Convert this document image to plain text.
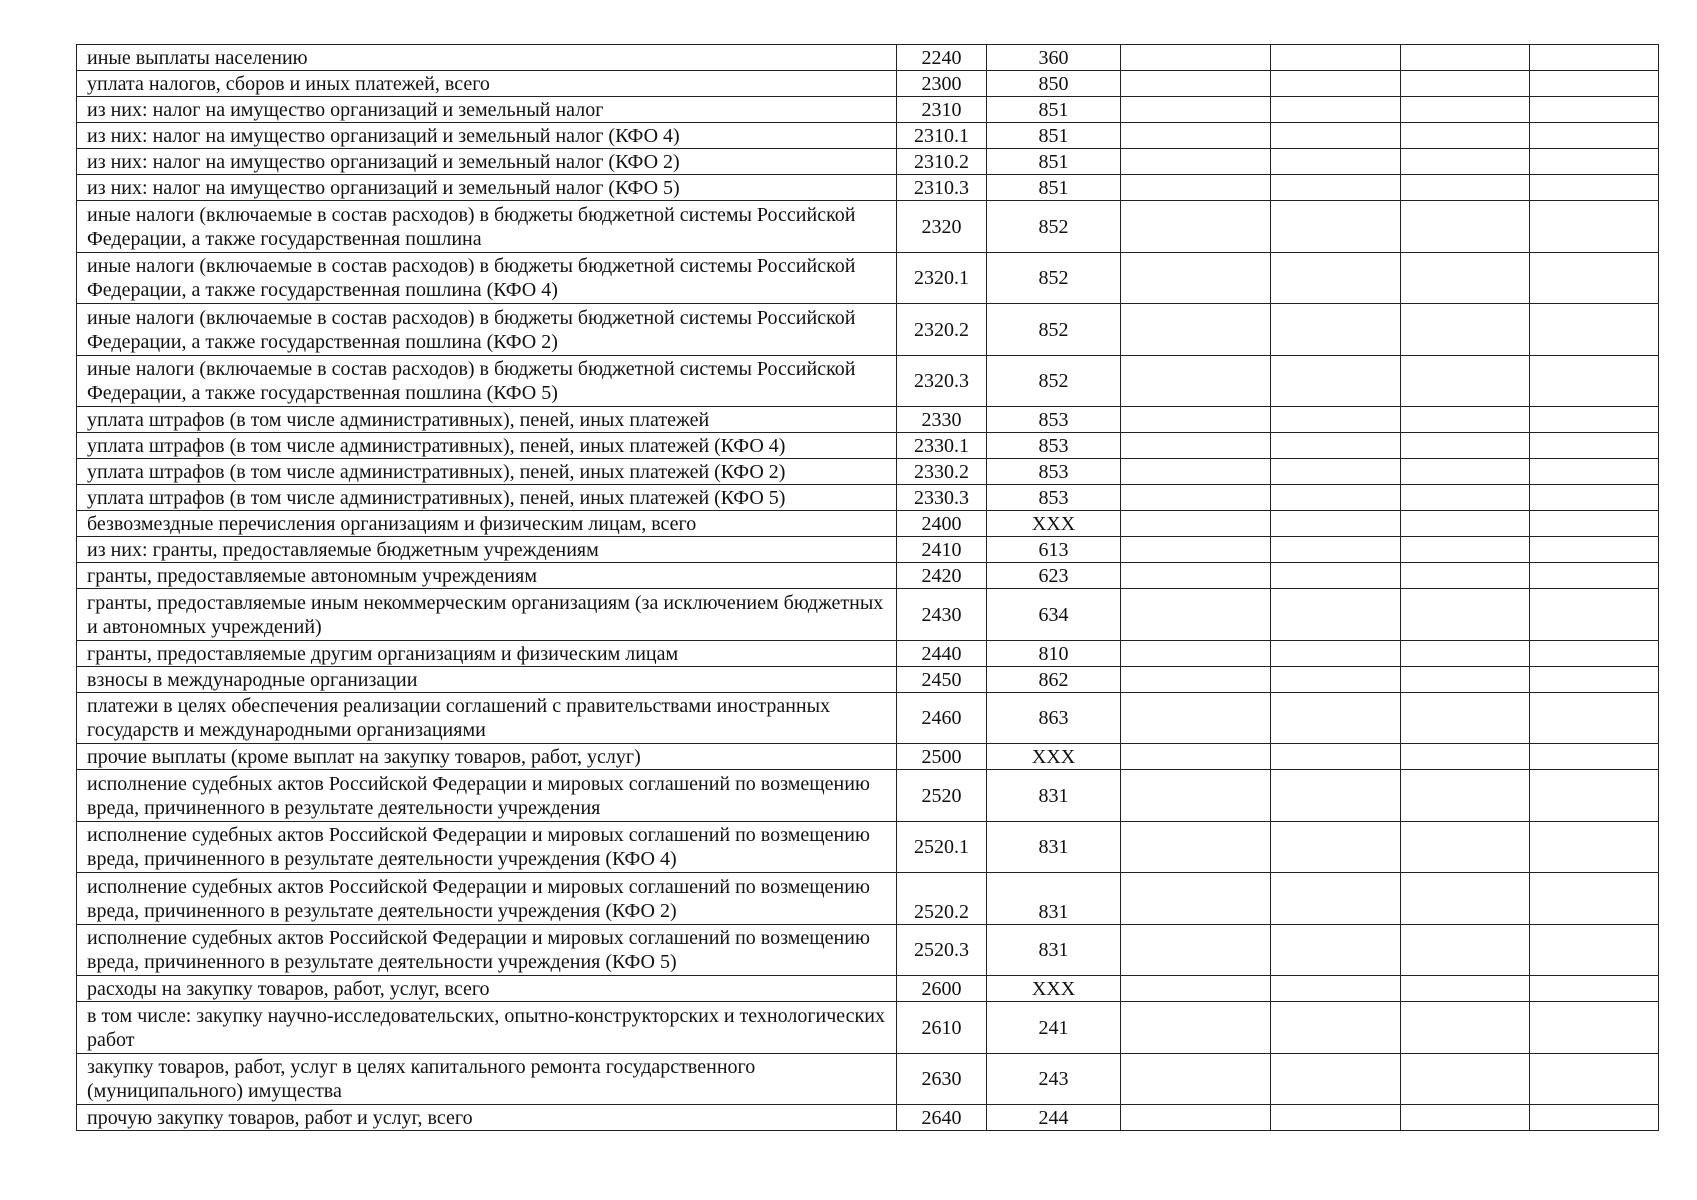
иные выплаты населению	2240	360				
уплата налогов, сборов и иных платежей, всего	2300	850				
из них: налог на имущество организаций и земельный налог	2310	851				
из них: налог на имущество организаций и земельный налог (КФО 4)	2310.1	851				
из них: налог на имущество организаций и земельный налог (КФО 2)	2310.2	851				
из них: налог на имущество организаций и земельный налог (КФО 5)	2310.3	851				
иные налоги (включаемые в состав расходов) в бюджеты бюджетной системы Российской Федерации, а также государственная пошлина	2320	852				
иные налоги (включаемые в состав расходов) в бюджеты бюджетной системы Российской Федерации, а также государственная пошлина (КФО 4)	2320.1	852				
иные налоги (включаемые в состав расходов) в бюджеты бюджетной системы Российской Федерации, а также государственная пошлина (КФО 2)	2320.2	852				
иные налоги (включаемые в состав расходов) в бюджеты бюджетной системы Российской Федерации, а также государственная пошлина (КФО 5)	2320.3	852				
уплата штрафов (в том числе административных), пеней, иных платежей	2330	853				
уплата штрафов (в том числе административных), пеней, иных платежей (КФО 4)	2330.1	853				
уплата штрафов (в том числе административных), пеней, иных платежей (КФО 2)	2330.2	853				
уплата штрафов (в том числе административных), пеней, иных платежей (КФО 5)	2330.3	853				
безвозмездные перечисления организациям и физическим лицам, всего	2400	ХХХ				
из них: гранты, предоставляемые бюджетным учреждениям	2410	613				
гранты, предоставляемые автономным учреждениям	2420	623				
гранты, предоставляемые иным некоммерческим организациям (за исключением бюджетных и автономных учреждений)	2430	634				
гранты, предоставляемые другим организациям и физическим лицам	2440	810				
взносы в международные организации	2450	862				
платежи в целях обеспечения реализации соглашений с правительствами иностранных государств и международными организациями	2460	863				
прочие выплаты (кроме выплат на закупку товаров, работ, услуг)	2500	ХХХ				
исполнение судебных актов Российской Федерации и мировых соглашений по возмещению вреда, причиненного в результате деятельности учреждения	2520	831				
исполнение судебных актов Российской Федерации и мировых соглашений по возмещению вреда, причиненного в результате деятельности учреждения (КФО 4)	2520.1	831				
исполнение судебных актов Российской Федерации и мировых соглашений по возмещению вреда, причиненного в результате деятельности учреждения (КФО 2)	2520.2	831				
исполнение судебных актов Российской Федерации и мировых соглашений по возмещению вреда, причиненного в результате деятельности учреждения (КФО 5)	2520.3	831				
расходы на закупку товаров, работ, услуг, всего	2600	ХХХ				
в том числе: закупку научно-исследовательских, опытно-конструкторских и технологических работ	2610	241				
закупку товаров, работ, услуг в целях капитального ремонта государственного (муниципального) имущества	2630	243				
прочую закупку товаров, работ и услуг, всего	2640	244				
